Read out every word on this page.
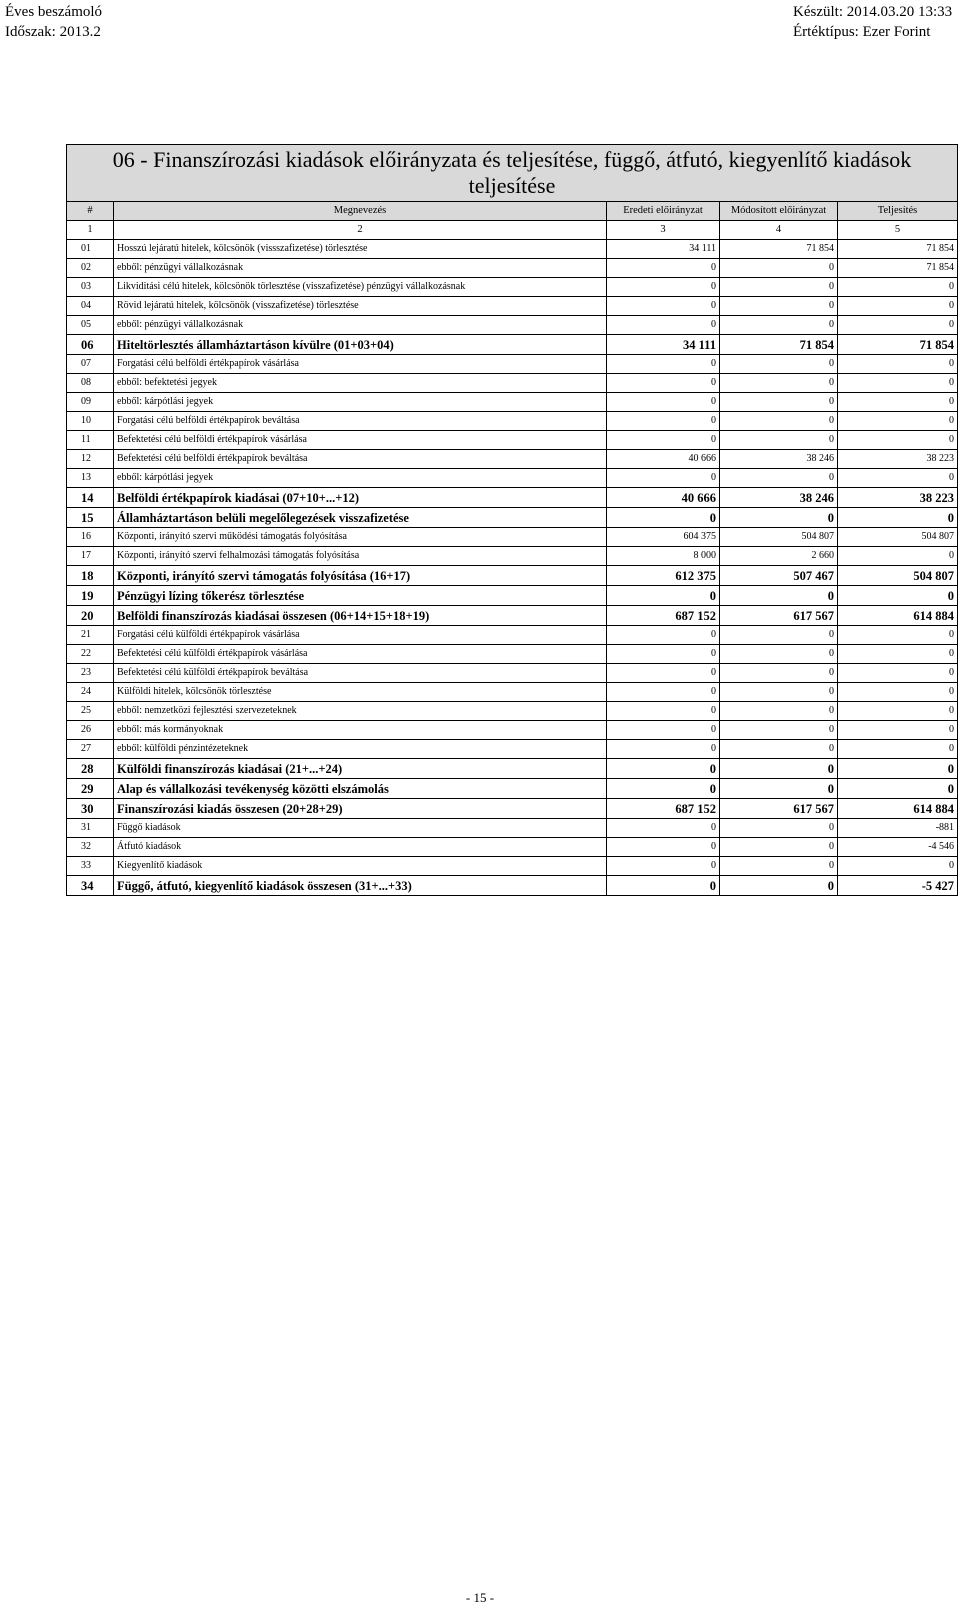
Éves beszámoló
Időszak: 2013.2
Készült: 2014.03.20 13:33
Értéktípus: Ezer Forint
06 - Finanszírozási kiadások előirányzata és teljesítése, függő, átfutó, kiegyenlítő kiadások teljesítése				
#	Megnevezés	Eredeti előirányzat	Módosított előirányzat	Teljesítés
1	2	3	4	5
01	Hosszú lejáratú hitelek, kölcsönök (vissszafizetése) törlesztése	34 111	71 854	71 854
02	ebből: pénzügyi vállalkozásnak	0	0	71 854
03	Likviditási célú hitelek, kölcsönök törlesztése (visszafizetése) pénzügyi vállalkozásnak	0	0	0
04	Rövid lejáratú hitelek, kölcsönök (visszafizetése) törlesztése	0	0	0
05	ebből: pénzügyi vállalkozásnak	0	0	0
06	Hiteltörlesztés államháztartáson kívülre (01+03+04)	34 111	71 854	71 854
07	Forgatási célú belföldi értékpapírok vásárlása	0	0	0
08	ebből: befektetési jegyek	0	0	0
09	ebből: kárpótlási jegyek	0	0	0
10	Forgatási célú belföldi értékpapírok beváltása	0	0	0
11	Befektetési célú belföldi értékpapírok vásárlása	0	0	0
12	Befektetési célú belföldi értékpapírok beváltása	40 666	38 246	38 223
13	ebből: kárpótlási jegyek	0	0	0
14	Belföldi értékpapírok kiadásai (07+10+...+12)	40 666	38 246	38 223
15	Államháztartáson belüli megelőlegezések visszafizetése	0	0	0
16	Központi, irányító szervi működési támogatás folyósítása	604 375	504 807	504 807
17	Központi, irányító szervi felhalmozási támogatás folyósítása	8 000	2 660	0
18	Központi, irányító szervi támogatás folyósítása (16+17)	612 375	507 467	504 807
19	Pénzügyi lízing tőkerész törlesztése	0	0	0
20	Belföldi finanszírozás kiadásai összesen (06+14+15+18+19)	687 152	617 567	614 884
21	Forgatási célú külföldi értékpapírok vásárlása	0	0	0
22	Befektetési célú külföldi értékpapírok vásárlása	0	0	0
23	Befektetési célú külföldi értékpapírok beváltása	0	0	0
24	Külföldi hitelek, kölcsönök törlesztése	0	0	0
25	ebből: nemzetközi fejlesztési szervezeteknek	0	0	0
26	ebből: más kormányoknak	0	0	0
27	ebből: külföldi pénzintézeteknek	0	0	0
28	Külföldi finanszírozás kiadásai (21+...+24)	0	0	0
29	Alap és vállalkozási tevékenység közötti elszámolás	0	0	0
30	Finanszírozási kiadás összesen (20+28+29)	687 152	617 567	614 884
31	Függő kiadások	0	0	-881
32	Átfutó kiadások	0	0	-4 546
33	Kiegyenlítő kiadások	0	0	0
34	Függő, átfutó, kiegyenlítő kiadások összesen (31+...+33)	0	0	-5 427
- 15 -
